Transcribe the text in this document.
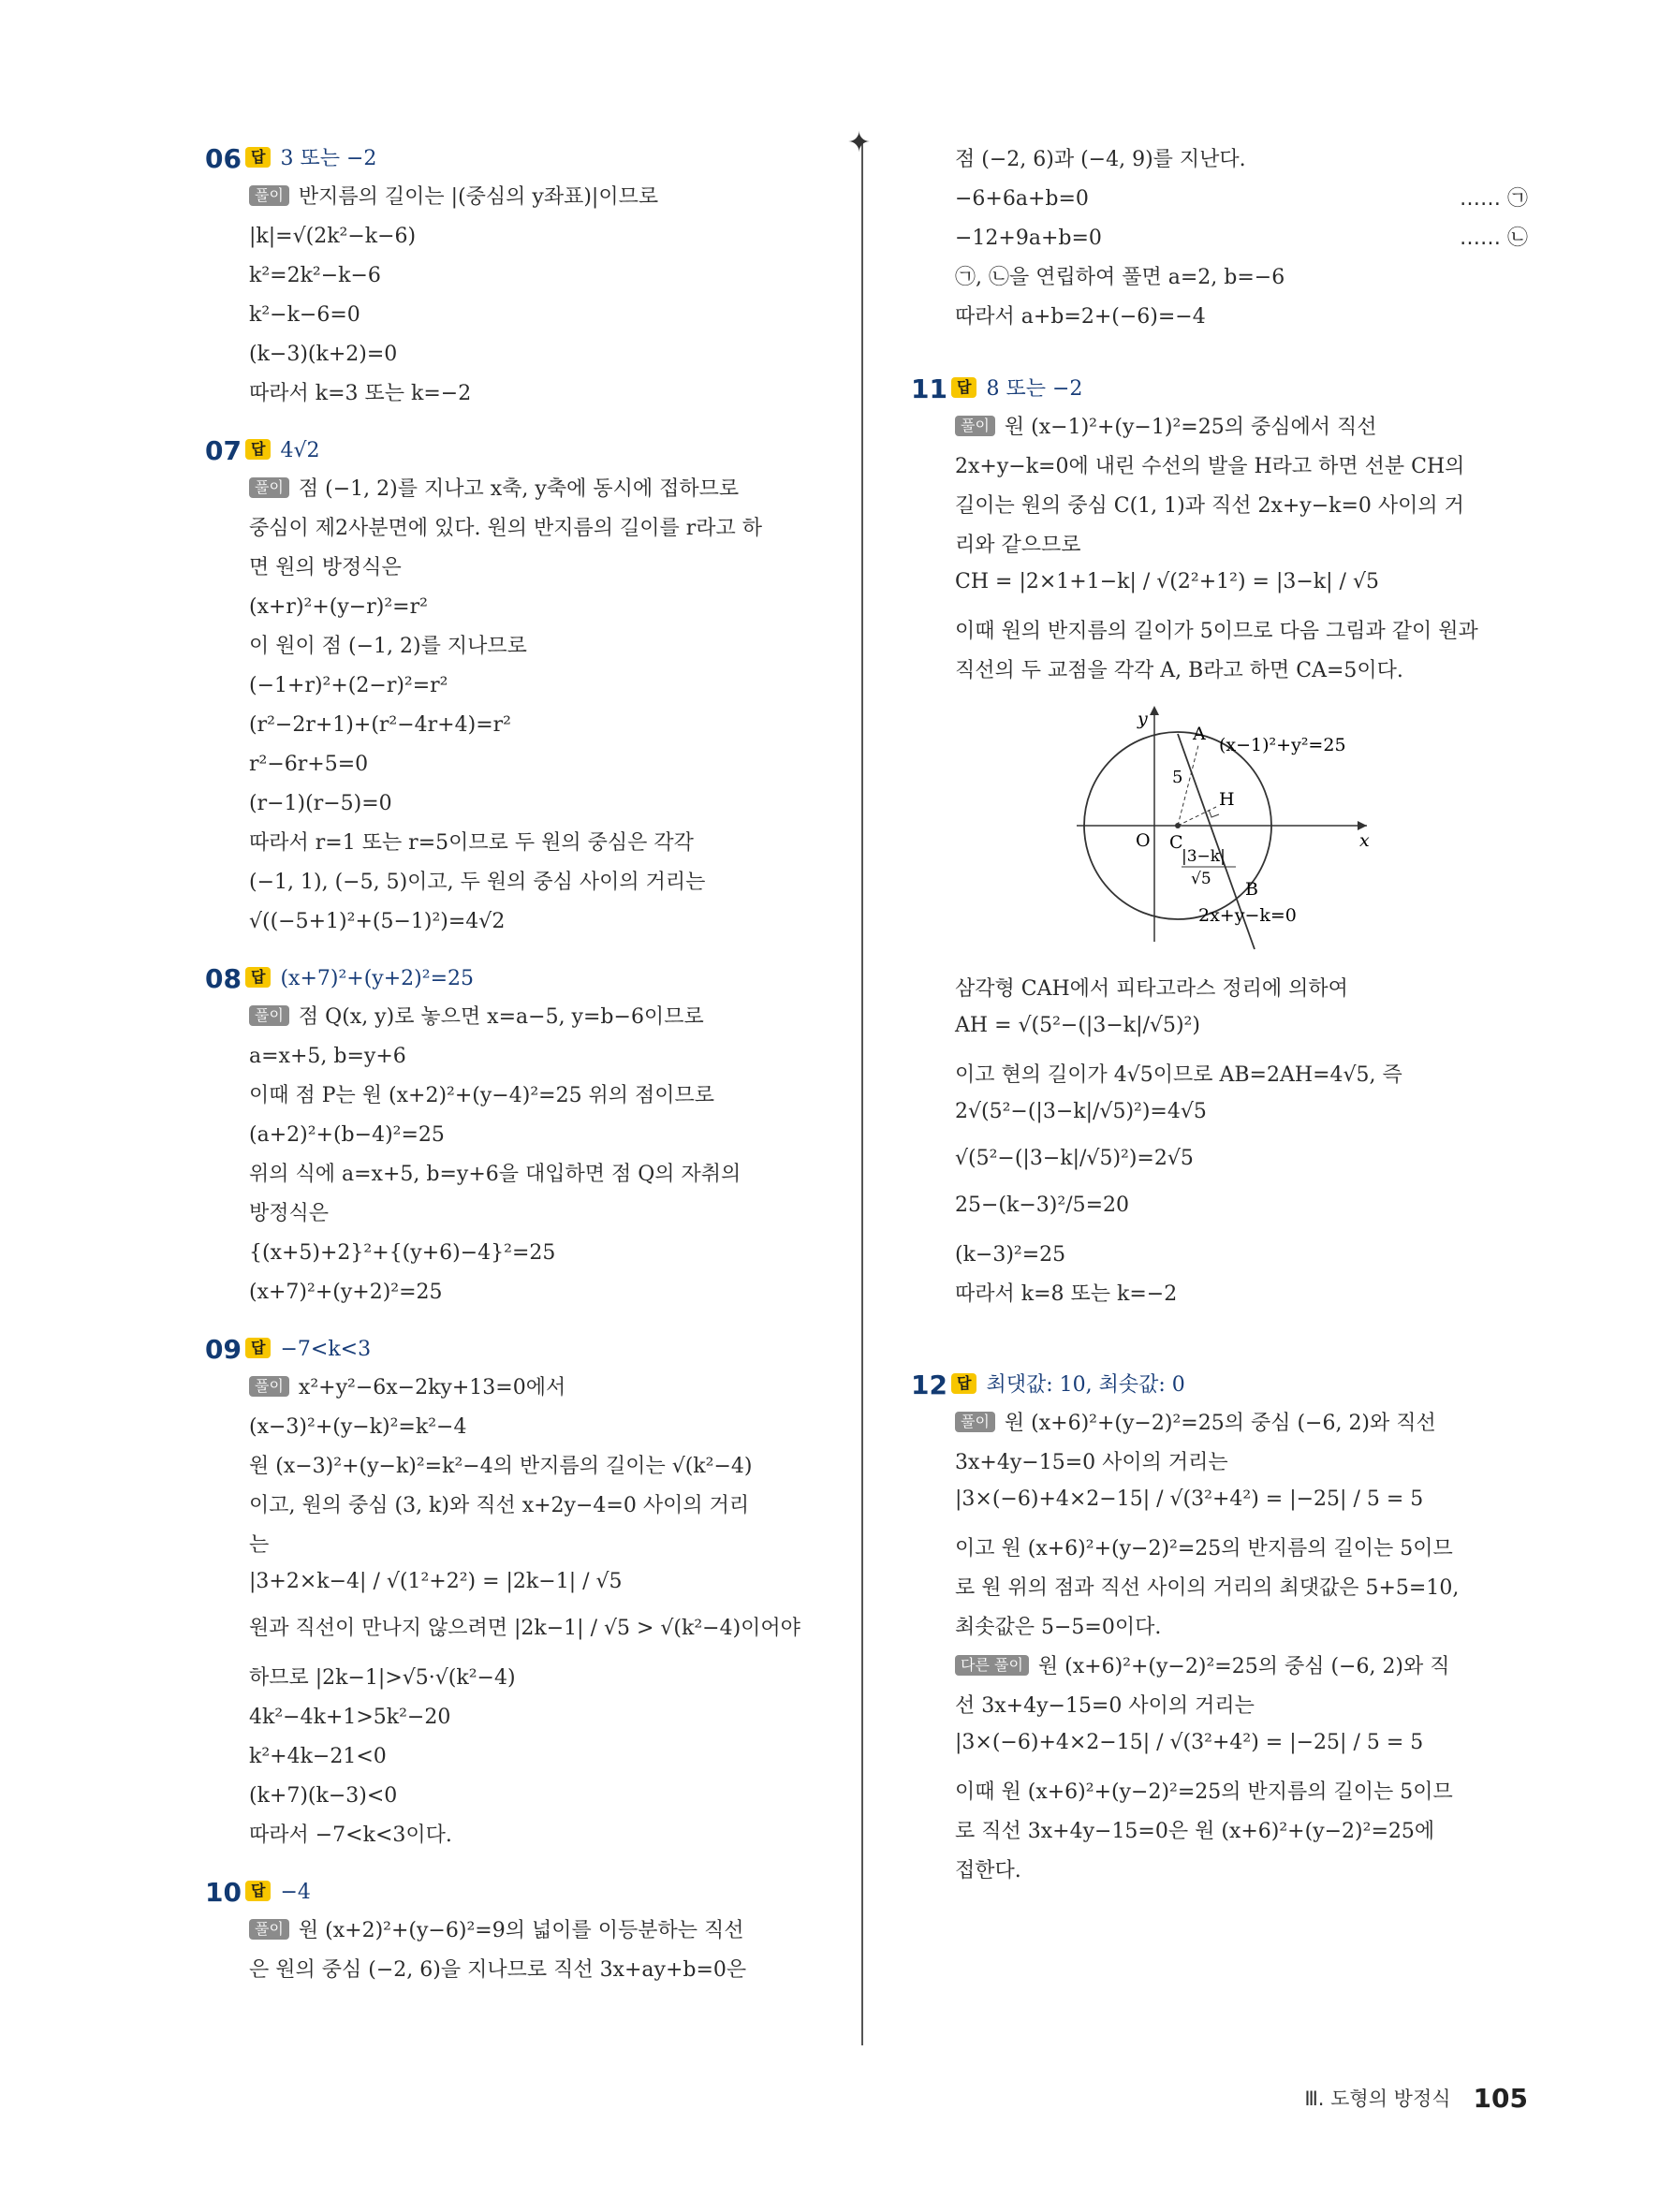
✦
06 답 3 또는 −2
풀이 반지름의 길이는 |(중심의 y좌표)|이므로
|k|=√(2k²−k−6)
k²=2k²−k−6
k²−k−6=0
(k−3)(k+2)=0
따라서 k=3 또는 k=−2
07 답 4√2
풀이 점 (−1, 2)를 지나고 x축, y축에 동시에 접하므로
중심이 제2사분면에 있다. 원의 반지름의 길이를 r라고 하
면 원의 방정식은
(x+r)²+(y−r)²=r²
이 원이 점 (−1, 2)를 지나므로
(−1+r)²+(2−r)²=r²
(r²−2r+1)+(r²−4r+4)=r²
r²−6r+5=0
(r−1)(r−5)=0
따라서 r=1 또는 r=5이므로 두 원의 중심은 각각
(−1, 1), (−5, 5)이고, 두 원의 중심 사이의 거리는
√((−5+1)²+(5−1)²)=4√2
08 답 (x+7)²+(y+2)²=25
풀이 점 Q(x, y)로 놓으면 x=a−5, y=b−6이므로
a=x+5, b=y+6
이때 점 P는 원 (x+2)²+(y−4)²=25 위의 점이므로
(a+2)²+(b−4)²=25
위의 식에 a=x+5, b=y+6을 대입하면 점 Q의 자취의
방정식은
{(x+5)+2}²+{(y+6)−4}²=25
(x+7)²+(y+2)²=25
09 답 −7<k<3
풀이 x²+y²−6x−2ky+13=0에서
(x−3)²+(y−k)²=k²−4
원 (x−3)²+(y−k)²=k²−4의 반지름의 길이는 √(k²−4)
이고, 원의 중심 (3, k)와 직선 x+2y−4=0 사이의 거리
는
|3+2×k−4| / √(1²+2²) = |2k−1| / √5
원과 직선이 만나지 않으려면 |2k−1| / √5 > √(k²−4)이어야
하므로 |2k−1|>√5·√(k²−4)
4k²−4k+1>5k²−20
k²+4k−21<0
(k+7)(k−3)<0
따라서 −7<k<3이다.
10 답 −4
풀이 원 (x+2)²+(y−6)²=9의 넓이를 이등분하는 직선
은 원의 중심 (−2, 6)을 지나므로 직선 3x+ay+b=0은
점 (−2, 6)과 (−4, 9)를 지난다.
−6+6a+b=0	…… ㉠
−12+9a+b=0	…… ㉡
㉠, ㉡을 연립하여 풀면 a=2, b=−6
따라서 a+b=2+(−6)=−4
11 답 8 또는 −2
풀이 원 (x−1)²+(y−1)²=25의 중심에서 직선
2x+y−k=0에 내린 수선의 발을 H라고 하면 선분 CH의
길이는 원의 중심 C(1, 1)과 직선 2x+y−k=0 사이의 거
리와 같으므로
CH = |2×1+1−k| / √(2²+1²) = |3−k| / √5
이때 원의 반지름의 길이가 5이므로 다음 그림과 같이 원과
직선의 두 교점을 각각 A, B라고 하면 CA=5이다.
y
x
O C
A
B
H
5
(x−1)²+y²=25
2x+y−k=0
|3−k|
√5
삼각형 CAH에서 피타고라스 정리에 의하여
AH = √(5²−(|3−k|/√5)²)
이고 현의 길이가 4√5이므로 AB=2AH=4√5, 즉
2√(5²−(|3−k|/√5)²)=4√5
√(5²−(|3−k|/√5)²)=2√5
25−(k−3)²/5=20
(k−3)²=25
따라서 k=8 또는 k=−2
12 답 최댓값: 10, 최솟값: 0
풀이 원 (x+6)²+(y−2)²=25의 중심 (−6, 2)와 직선
3x+4y−15=0 사이의 거리는
|3×(−6)+4×2−15| / √(3²+4²) = |−25| / 5 = 5
이고 원 (x+6)²+(y−2)²=25의 반지름의 길이는 5이므
로 원 위의 점과 직선 사이의 거리의 최댓값은 5+5=10,
최솟값은 5−5=0이다.
다른 풀이 원 (x+6)²+(y−2)²=25의 중심 (−6, 2)와 직
선 3x+4y−15=0 사이의 거리는
|3×(−6)+4×2−15| / √(3²+4²) = |−25| / 5 = 5
이때 원 (x+6)²+(y−2)²=25의 반지름의 길이는 5이므
로 직선 3x+4y−15=0은 원 (x+6)²+(y−2)²=25에
접한다.
Ⅲ. 도형의 방정식 105
